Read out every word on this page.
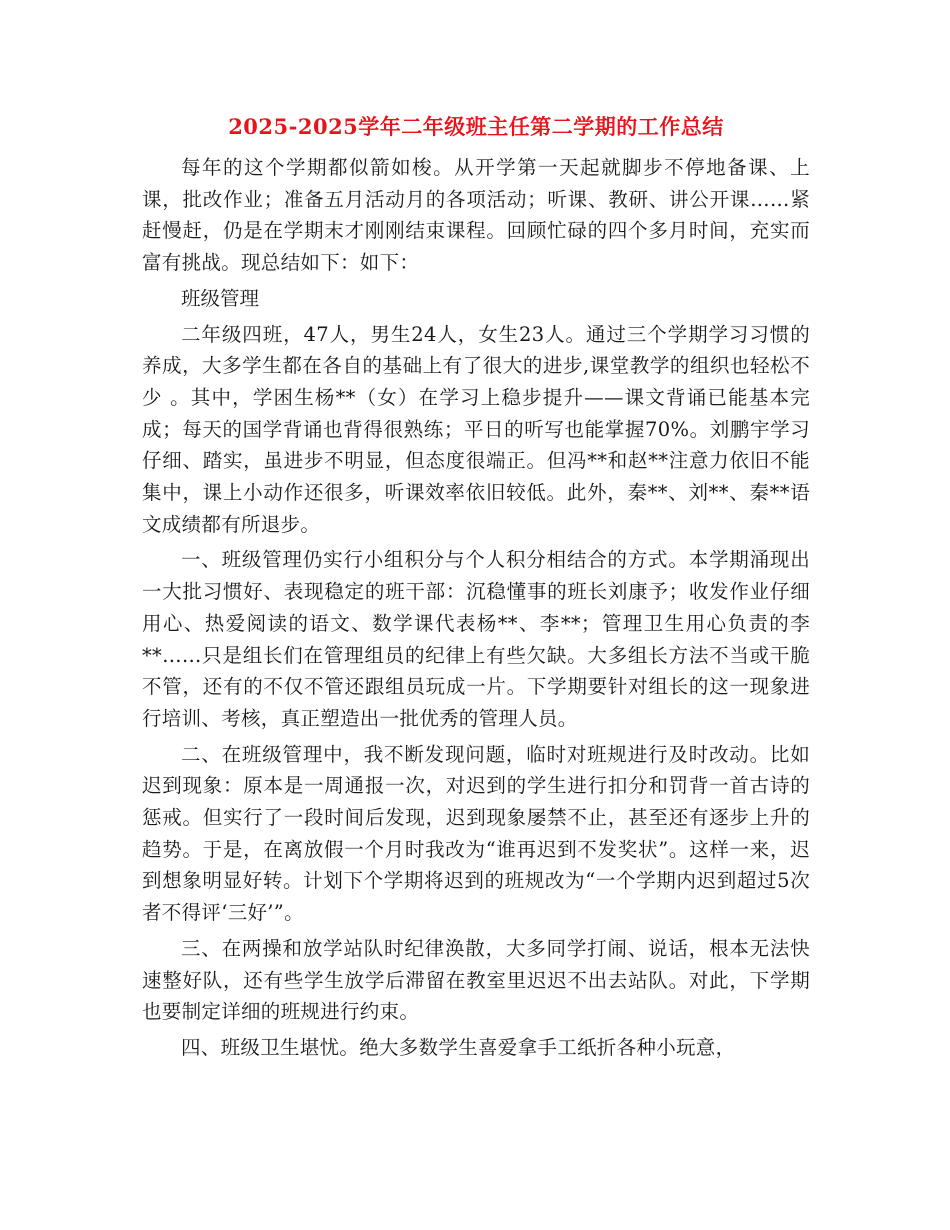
2025-2025学年二年级班主任第二学期的工作总结

每年的这个学期都似箭如梭。从开学第一天起就脚步不停地备课、上课，批改作业；准备五月活动月的各项活动；听课、教研、讲公开课……紧赶慢赶，仍是在学期末才刚刚结束课程。回顾忙碌的四个多月时间，充实而富有挑战。现总结如下：如下：

班级管理

二年级四班，47人，男生24人，女生23人。通过三个学期学习习惯的养成，大多学生都在各自的基础上有了很大的进步,课堂教学的组织也轻松不少 。其中，学困生杨**（女）在学习上稳步提升——课文背诵已能基本完成；每天的国学背诵也背得很熟练；平日的听写也能掌握70%。刘鹏宇学习仔细、踏实，虽进步不明显，但态度很端正。但冯**和赵**注意力依旧不能集中，课上小动作还很多，听课效率依旧较低。此外，秦**、刘**、秦**语文成绩都有所退步。

一、班级管理仍实行小组积分与个人积分相结合的方式。本学期涌现出一大批习惯好、表现稳定的班干部：沉稳懂事的班长刘康予；收发作业仔细用心、热爱阅读的语文、数学课代表杨**、李**；管理卫生用心负责的李**……只是组长们在管理组员的纪律上有些欠缺。大多组长方法不当或干脆不管，还有的不仅不管还跟组员玩成一片。下学期要针对组长的这一现象进行培训、考核，真正塑造出一批优秀的管理人员。

二、在班级管理中，我不断发现问题，临时对班规进行及时改动。比如迟到现象：原本是一周通报一次，对迟到的学生进行扣分和罚背一首古诗的惩戒。但实行了一段时间后发现，迟到现象屡禁不止，甚至还有逐步上升的趋势。于是，在离放假一个月时我改为“谁再迟到不发奖状”。这样一来，迟到想象明显好转。计划下个学期将迟到的班规改为“一个学期内迟到超过5次者不得评‘三好’”。

三、在两操和放学站队时纪律涣散，大多同学打闹、说话，根本无法快速整好队，还有些学生放学后滞留在教室里迟迟不出去站队。对此，下学期也要制定详细的班规进行约束。

四、班级卫生堪忧。绝大多数学生喜爱拿手工纸折各种小玩意，
